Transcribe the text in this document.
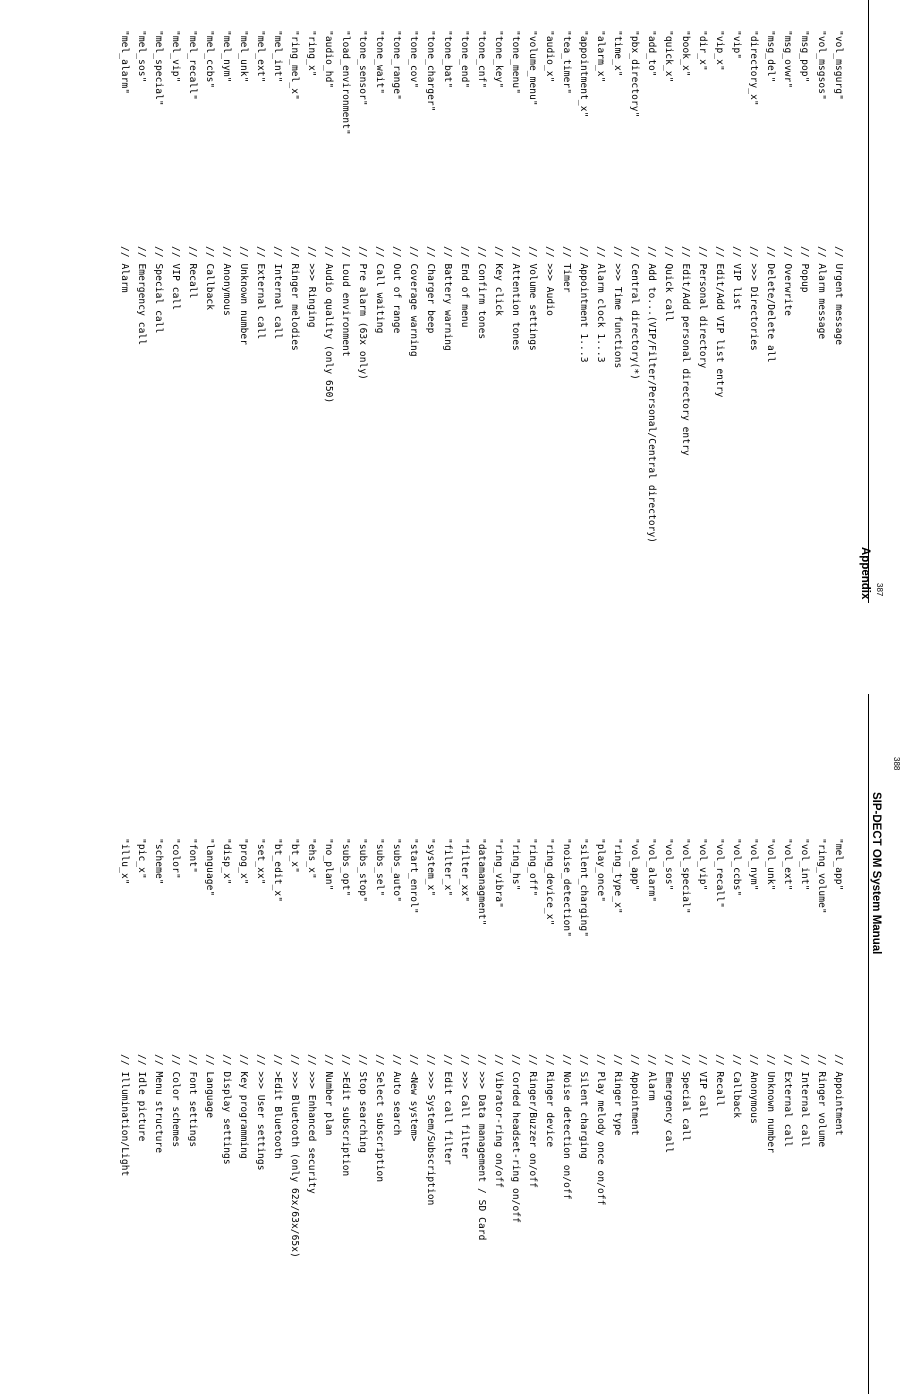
Appendix 387
"vol_msgurg"// Urgent message
"vol_msgsos"// Alarm message
"msg_pop"// Popup
"msg_ovwr"// Overwrite
"msg_del"// Delete/Delete all
"directory_x"// >>> Directories
"vip"// VIP list
"vip_x"// Edit/Add VIP list entry
"dir_x"// Personal directory
"book_x"// Edit/Add personal directory entry
"quick_x"// Quick call
"add_to"// Add to...(VIP/Filter/Personal/Central directory)
"pbx_directory"// Central directory(*)
"time_x"// >>> Time functions
"alarm_x"// Alarm clock 1...3
"appointment_x"// Appointment 1...3
"tea_timer"// Timer
"audio_x"// >>> Audio
"volume_menu"// Volume settings
"tone_menu"// Attention tones
"tone_key"// Key click
"tone_cnf"// Confirm tones
"tone_end"// End of menu
"tone_bat"// Battery warning
"tone_charger"// Charger beep
"tone_cov"// Coverage warning
"tone_range"// Out of range
"tone_wait"// Call waiting
"tone_sensor"// Pre alarm (63x only)
"load_environment"// Loud environment
"audio_hd"// Audio quality (only 650)
"ring_x"// >>> Ringing
"ring_mel_x"// Ringer melodies
"mel_int"// Internal call
"mel_ext"// External call
"mel_unk"// Unknown number
"mel_nym"// Anonymous
"mel_ccbs"// Callback
"mel_recall"// Recall
"mel_vip"// VIP call
"mel_special"// Special call
"mel_sos"// Emergency call
"mel_alarm"// Alarm
SIP-DECT OM System Manual
388
"mel_app"// Appointment
"ring_volume"// Ringer volume
"vol_int"// Internal call
"vol_ext"// External call
"vol_unk"// Unknown number
"vol_nym"// Anonymous
"vol_ccbs"// Callback
"vol_recall"// Recall
"vol_vip"// VIP call
"vol_special"// Special call
"vol_sos"// Emergency call
"vol_alarm"// Alarm
"vol_app"// Appointment
"ring_type_x"// Ringer type
"play_once"// Play melody once on/off
"silent_charging"// Silent charging
"noise_detection"// Noise detection on/off
"ring_device_x"// Ringer device
"ring_off"// Ringer/Buzzer on/off
"ring_hs"// Corded headset-ring on/off
"ring_vibra"// Vibrator-ring on/off
"datamanagment"// >>> Data management / SD Card
"filter_xx"// >>> Call filter
"filter_x"// Edit call filter
"system_x"// >>> System/Subscription
"start_enrol"// <New system>
"subs_auto"// Auto search
"subs_sel"// Select subscription
"subs_stop"// Stop searching
"subs_opt"// >Edit subscription
"no_plan"// Number plan
"ehs_x"// >>> Enhanced security
"bt_x"// >>> Bluetooth (only 62x/63x/65x)
"bt_edit_x"// >Edit Bluetooth
"set_xx"// >>> User settings
"prog_x"// Key programming
"disp_x"// Display settings
"language"// Language
"font"// Font settings
"color"// Color schemes
"scheme"// Menu structure
"pic_x"// Idle picture
"illu_x"// Illumination/Light
